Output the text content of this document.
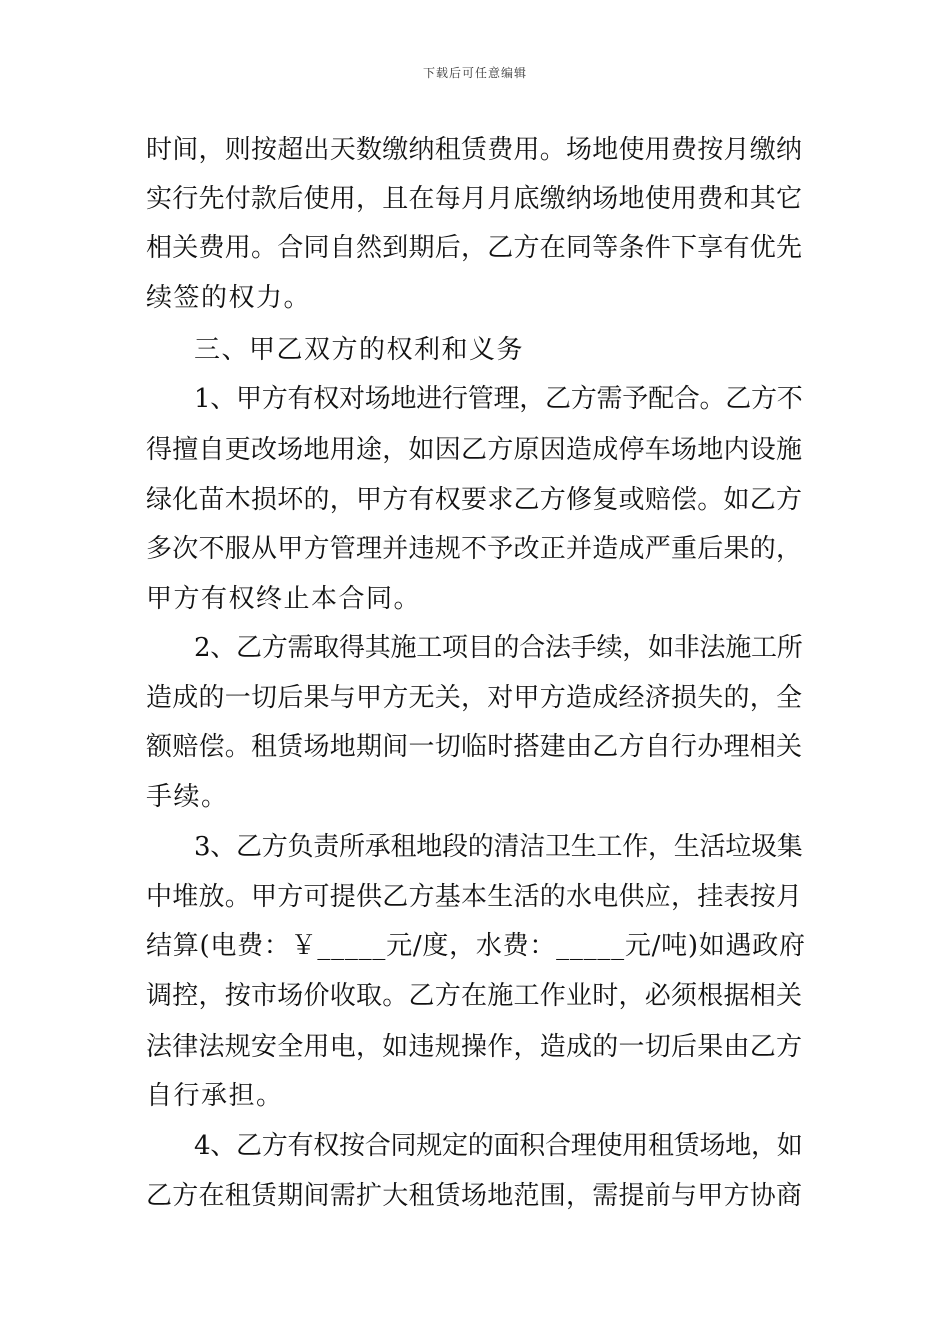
下载后可任意编辑
时间，则按超出天数缴纳租赁费用。场地使用费按月缴纳
实行先付款后使用，且在每月月底缴纳场地使用费和其它
相关费用。合同自然到期后，乙方在同等条件下享有优先
续签的权力。
三、甲乙双方的权利和义务
1、甲方有权对场地进行管理，乙方需予配合。乙方不
得擅自更改场地用途，如因乙方原因造成停车场地内设施
绿化苗木损坏的，甲方有权要求乙方修复或赔偿。如乙方
多次不服从甲方管理并违规不予改正并造成严重后果的，
甲方有权终止本合同。
2、乙方需取得其施工项目的合法手续，如非法施工所
造成的一切后果与甲方无关，对甲方造成经济损失的，全
额赔偿。租赁场地期间一切临时搭建由乙方自行办理相关
手续。
3、乙方负责所承租地段的清洁卫生工作，生活垃圾集
中堆放。甲方可提供乙方基本生活的水电供应，挂表按月
结算(电费：￥_____元/度，水费：_____元/吨)如遇政府
调控，按市场价收取。乙方在施工作业时，必须根据相关
法律法规安全用电，如违规操作，造成的一切后果由乙方
自行承担。
4、乙方有权按合同规定的面积合理使用租赁场地，如
乙方在租赁期间需扩大租赁场地范围，需提前与甲方协商
